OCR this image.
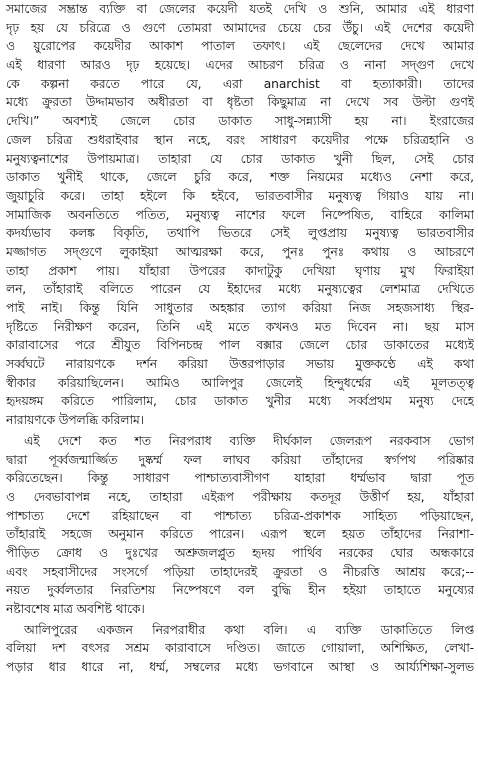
সমাজের সম্ভ্রান্ত ব্যক্তি বা জেলের কয়েদী যতই দেখি ও শুনি, আমার এই ধারণা
দৃঢ় হয় যে চরিত্রে ও গুণে তোমরা আমাদের চেয়ে চের উঁচু। এই দেশের কয়েদী
ও য়ুরোপের কয়েদীর আকাশ পাতাল তফাৎ। এই ছেলেদের দেখে আমার
এই ধারণা আরও দৃঢ় হয়েছে। এদের আচরণ চরিত্র ও নানা সদ্গুণ দেখে
কে কল্পনা করতে পারে যে, এরা anarchist বা হত্যাকারী। তাদের
মধ্যে ক্রুরতা উদ্দামভাব অধীরতা বা ধৃষ্টতা কিছুমাত্র না দেখে সব উল্টা গুণই
দেখি।” অবশ্যই জেলে চোর ডাকাত সাধু-সন্ন্যাসী হয় না। ইংরাজের
জেল চরিত্র শুধরাইবার স্থান নহে, বরং সাধারণ কয়েদীর পক্ষে চরিত্রহানি ও
মনুষ্যত্বনাশের উপায়মাত্র। তাহারা যে চোর ডাকাত খুনী ছিল, সেই চোর
ডাকাত খুনীই থাকে, জেলে চুরি করে, শক্ত নিয়মের মধ্যেও নেশা করে,
জুয়াচুরি করে। তাহা হইলে কি হইবে, ভারতবাসীর মনুষ্যত্ব গিয়াও যায় না।
সামাজিক অবনতিতে পতিত, মনুষ্যত্ব নাশের ফলে নিষ্পেষিত, বাহিরে কালিমা
কদর্য্যভাব কলঙ্ক বিকৃতি, তথাপি ভিতরে সেই লুপ্তপ্রায় মনুষ্যত্ব ভারতবাসীর
মজ্জাগত সদ্গুণে লুকাইয়া আত্মরক্ষা করে, পুনঃ পুনঃ কথায় ও আচরণে
তাহা প্রকাশ পায়। যাঁহারা উপরের কাদাটুকু দেখিয়া ঘৃণায় মুখ ফিরাইয়া
লন, তাঁহারাই বলিতে পারেন যে ইহাদের মধ্যে মনুষ্যত্বের লেশমাত্র দেখিতে
পাই নাই। কিন্তু যিনি সাধুতার অহঙ্কার ত্যাগ করিয়া নিজ সহজসাধ্য স্থির-
দৃষ্টিতে নিরীক্ষণ করেন, তিনি এই মতে কখনও মত দিবেন না। ছয় মাস
কারাবাসের পরে শ্রীযুত বিপিনচন্দ্র পাল বক্সার জেলে চোর ডাকাতের মধ্যেই
সর্ব্বঘটে নারায়ণকে দর্শন করিয়া উত্তরপাড়ার সভায় মুক্তকণ্ঠে এই কথা
স্বীকার করিয়াছিলেন। আমিও আলিপুর জেলেই হিন্দুধর্ম্মের এই মূলতত্ত্ব
হৃদয়ঙ্গম করিতে পারিলাম, চোর ডাকাত খুনীর মধ্যে সর্ব্বপ্রথম মনুষ্য দেহে
নারায়ণকে উপলব্ধি করিলাম।
এই দেশে কত শত নিরপরাধ ব্যক্তি দীর্ঘকাল জেলরূপ নরকবাস ভোগ
দ্বারা পূর্ব্বজন্মার্জ্জিত দুষ্কর্ম্ম ফল লাঘব করিয়া তাঁহাদের স্বর্গপথ পরিষ্কার
করিতেছেন। কিন্তু সাধারণ পাশ্চাত্যবাসীগণ যাহারা ধর্ম্মভাব দ্বারা পূত
ও দেবভাবাপন্ন নহে, তাহারা এইরূপ পরীক্ষায় কতদূর উত্তীর্ণ হয়, যাঁহারা
পাশ্চাত্য দেশে রহিয়াছেন বা পাশ্চাত্য চরিত্র-প্রকাশক সাহিত্য পড়িয়াছেন,
তাঁহারাই সহজে অনুমান করিতে পারেন। এরূপ স্থলে হয়ত তাঁহাদের নিরাশা-
পীড়িত ক্রোধ ও দুঃখের অশ্রুজলপ্লুত হৃদয় পার্থিব নরকের ঘোর অন্ধকারে
এবং সহবাসীদের সংসর্গে পড়িয়া তাহাদেরই ক্রুরতা ও নীচরত্তি আশ্রয় করে;--
নয়ত দুর্ব্বলতার নিরতিশয় নিষ্পেষণে বল বুদ্ধি হীন হইয়া তাহাতে মনুষ্যের
নষ্টাবশেষ মাত্র অবশিষ্ট থাকে।
আলিপুরের একজন নিরপরাধীর কথা বলি। এ ব্যক্তি ডাকাতিতে লিপ্ত
বলিয়া দশ বৎসর সশ্রম কারাবাসে দণ্ডিত। জাতে গোয়ালা, অশিক্ষিত, লেখা-
পড়ার ধার ধারে না, ধর্ম্ম, সম্বলের মধ্যে ভগবানে আস্থা ও আর্য্যশিক্ষা-সুলভ
